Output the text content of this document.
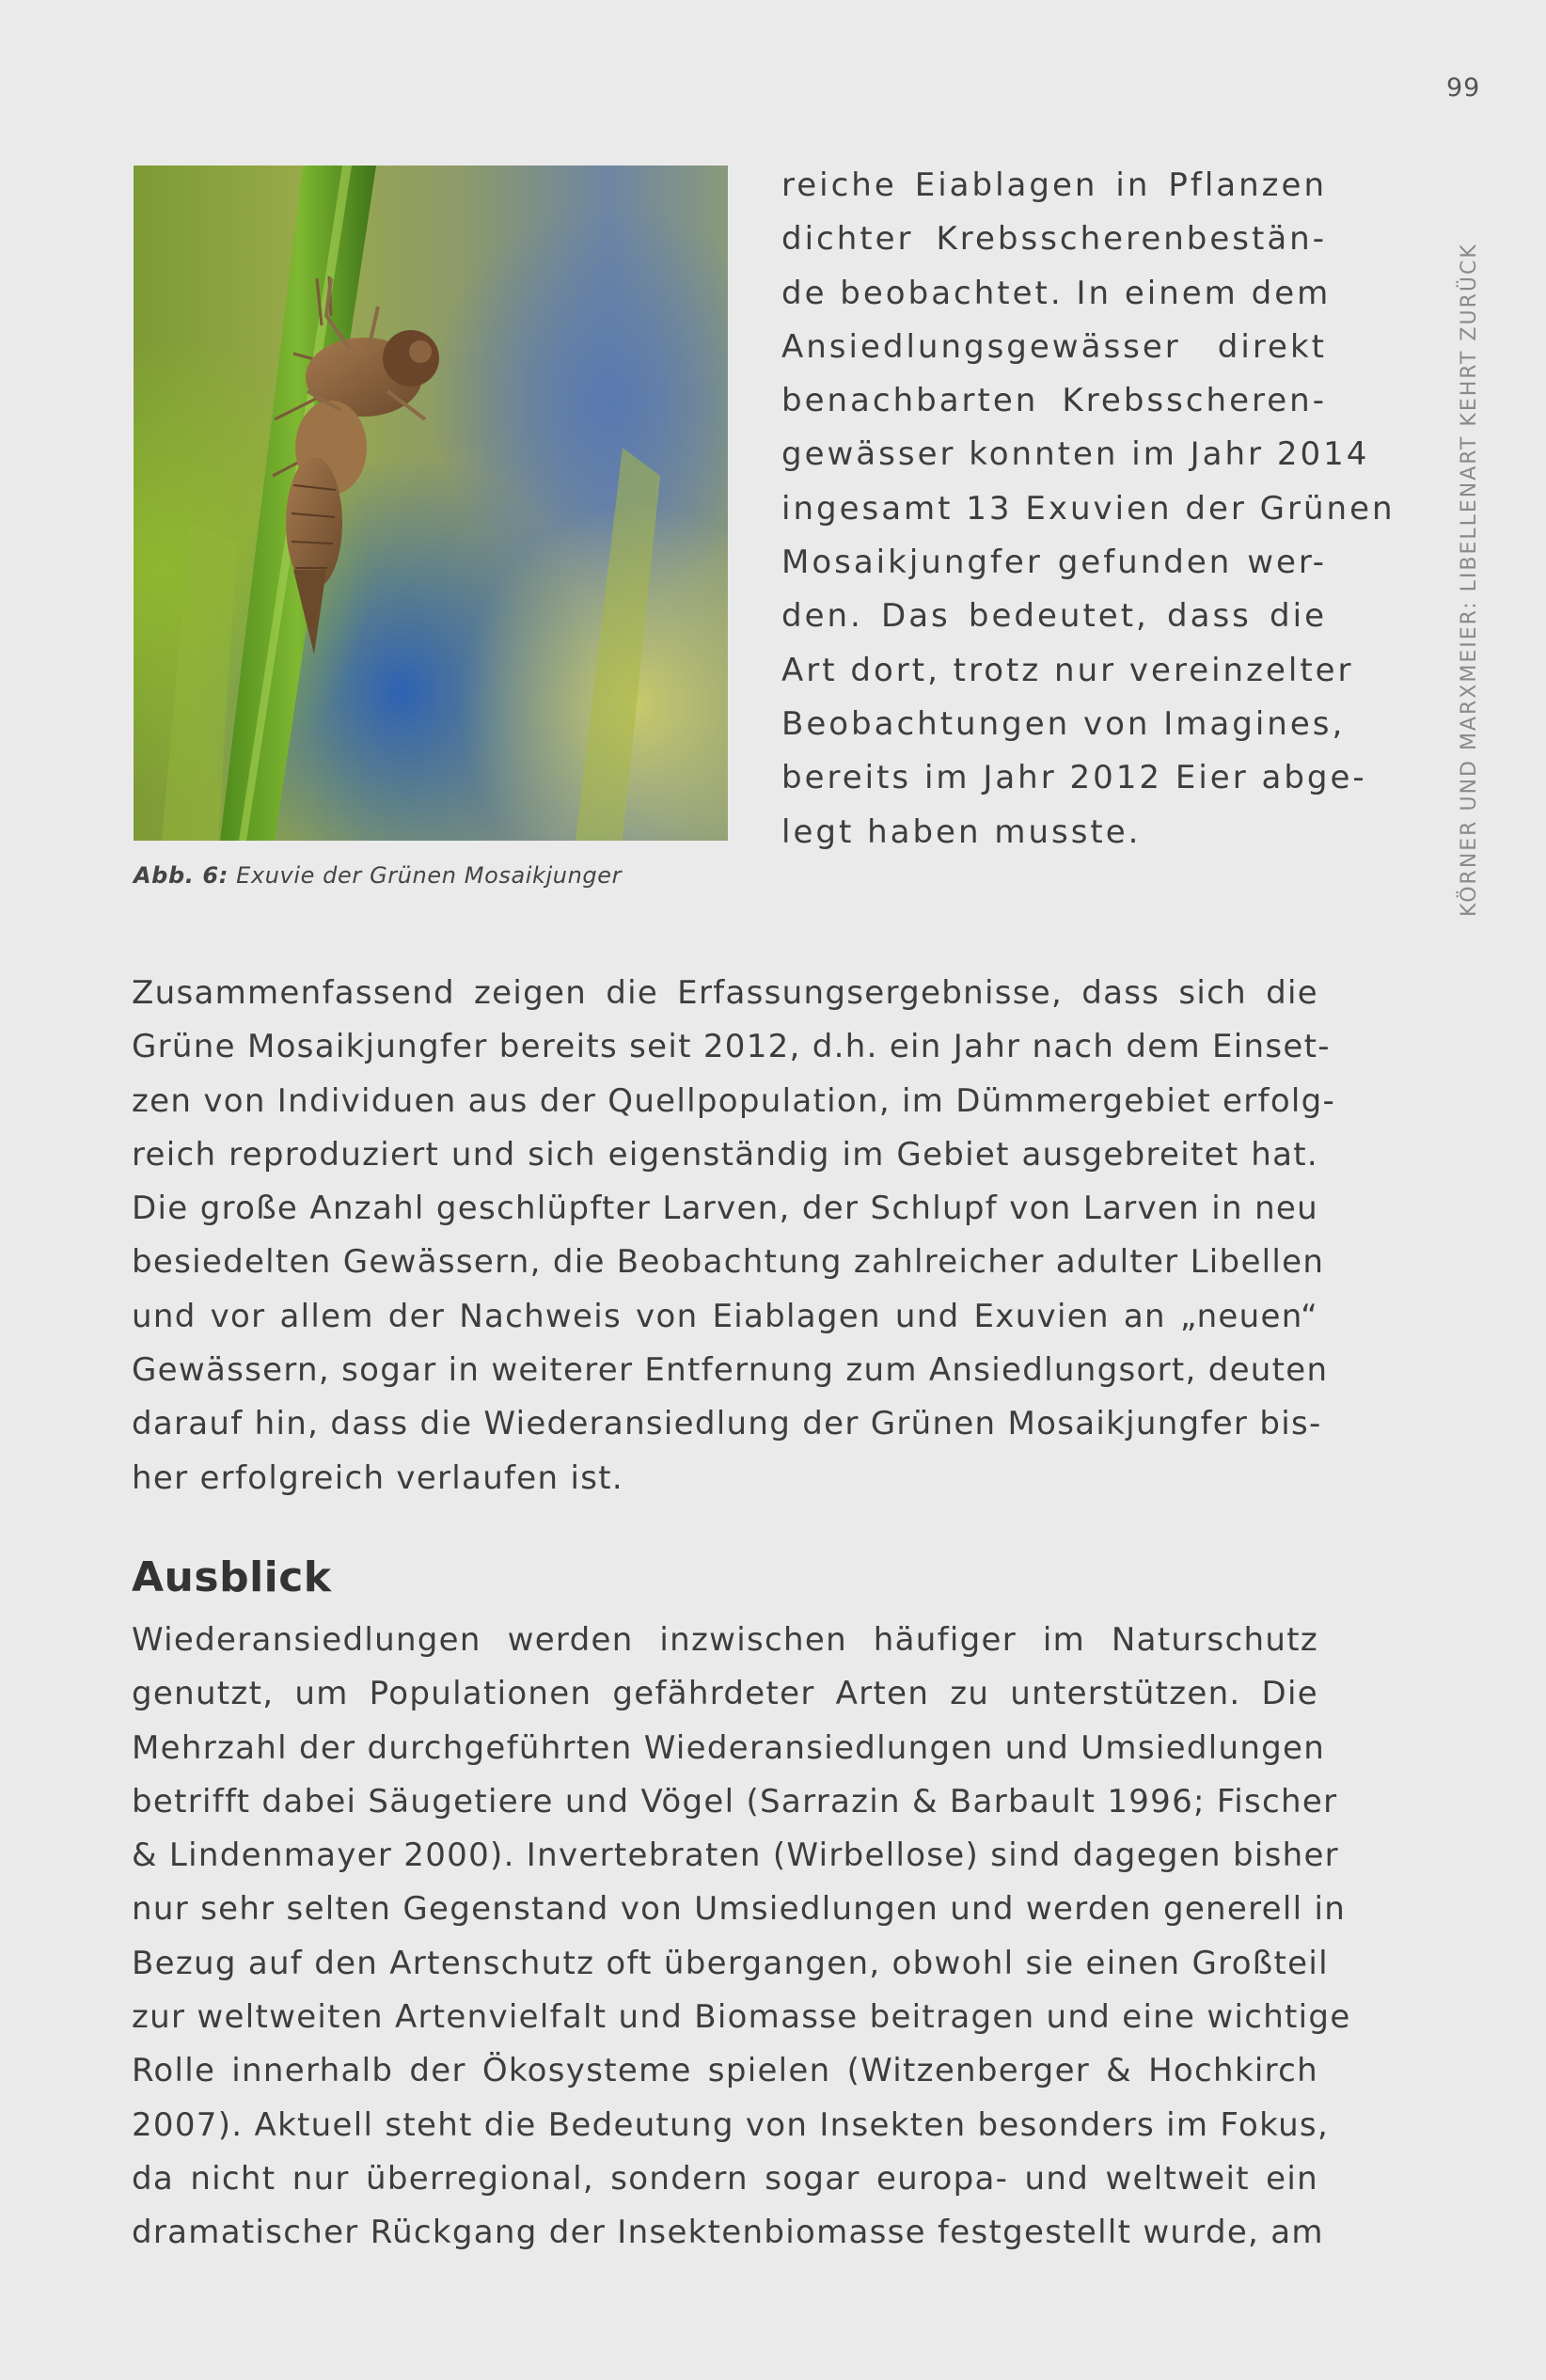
99
KÖRNER UND MARXMEIER: LIBELLENART KEHRT ZURÜCK
Abb. 6: Exuvie der Grünen Mosaikjunger
reiche Eiablagen in Pflanzen
dichter Krebsscherenbestän-
de beobachtet. In einem dem
Ansiedlungsgewässer direkt
benachbarten Krebsscheren-
gewässer konnten im Jahr 2014
ingesamt 13 Exuvien der Grünen
Mosaikjungfer gefunden wer-
den. Das bedeutet, dass die
Art dort, trotz nur vereinzelter
Beobachtungen von Imagines,
bereits im Jahr 2012 Eier abge-
legt haben musste.
Zusammenfassend zeigen die Erfassungsergebnisse, dass sich die
Grüne Mosaikjungfer bereits seit 2012, d.h. ein Jahr nach dem Einset-
zen von Individuen aus der Quellpopulation, im Dümmergebiet erfolg-
reich reproduziert und sich eigenständig im Gebiet ausgebreitet hat.
Die große Anzahl geschlüpfter Larven, der Schlupf von Larven in neu
besiedelten Gewässern, die Beobachtung zahlreicher adulter Libellen
und vor allem der Nachweis von Eiablagen und Exuvien an „neuen“
Gewässern, sogar in weiterer Entfernung zum Ansiedlungsort, deuten
darauf hin, dass die Wiederansiedlung der Grünen Mosaikjungfer bis-
her erfolgreich verlaufen ist.
Ausblick
Wiederansiedlungen werden inzwischen häufiger im Naturschutz
genutzt, um Populationen gefährdeter Arten zu unterstützen. Die
Mehrzahl der durchgeführten Wiederansiedlungen und Umsiedlungen
betrifft dabei Säugetiere und Vögel (Sarrazin & Barbault 1996; Fischer
& Lindenmayer 2000). Invertebraten (Wirbellose) sind dagegen bisher
nur sehr selten Gegenstand von Umsiedlungen und werden generell in
Bezug auf den Artenschutz oft übergangen, obwohl sie einen Großteil
zur weltweiten Artenvielfalt und Biomasse beitragen und eine wichtige
Rolle innerhalb der Ökosysteme spielen (Witzenberger & Hochkirch
2007). Aktuell steht die Bedeutung von Insekten besonders im Fokus,
da nicht nur überregional, sondern sogar europa- und weltweit ein
dramatischer Rückgang der Insektenbiomasse festgestellt wurde, am
